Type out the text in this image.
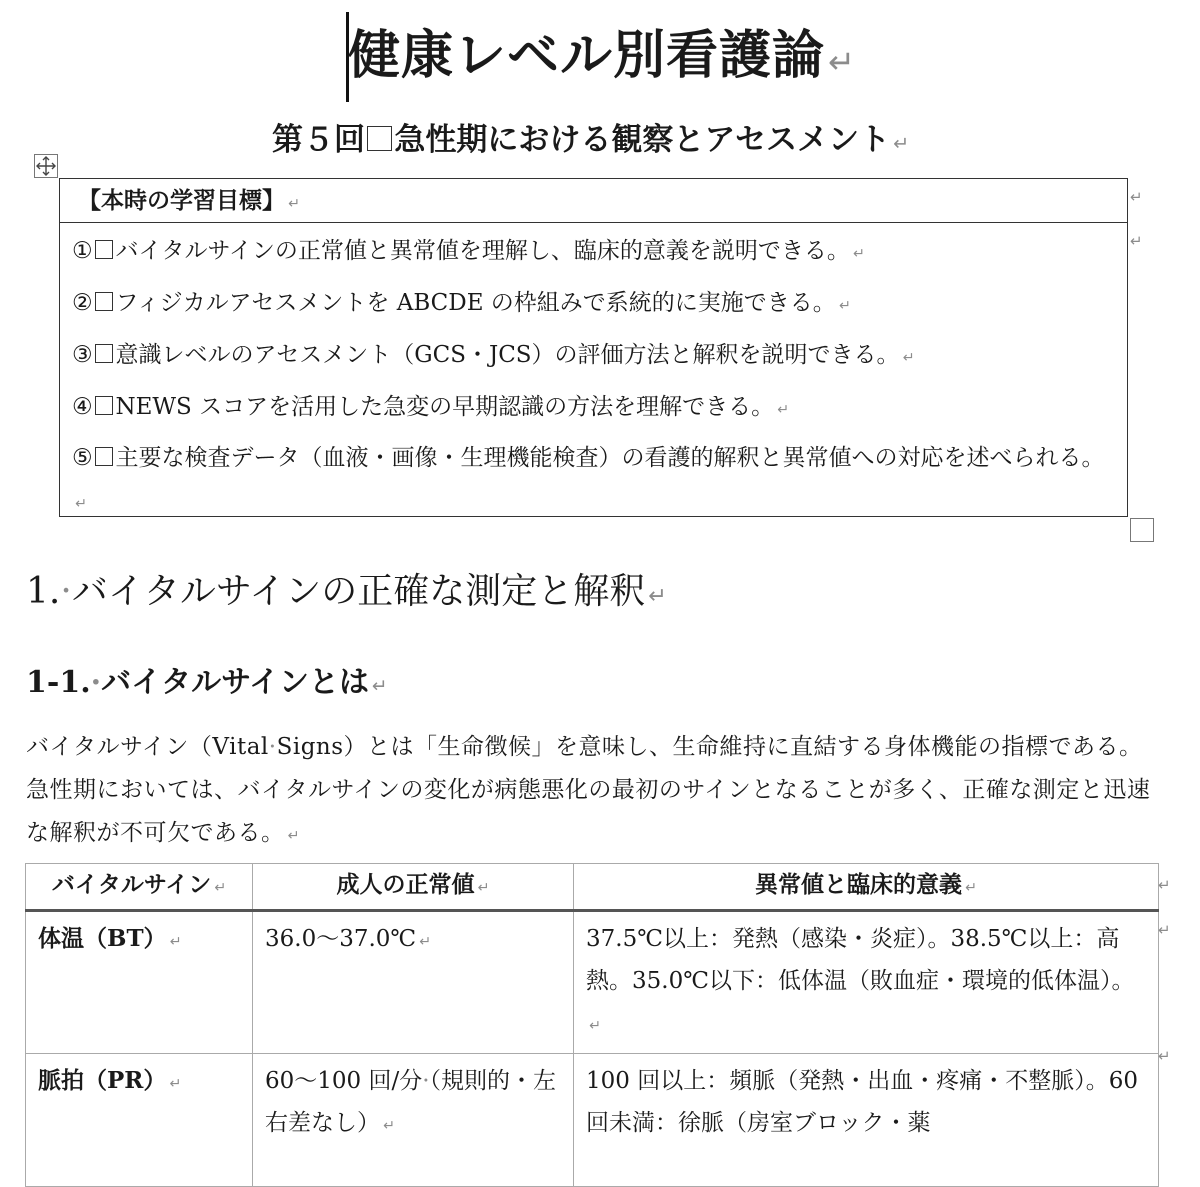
健康レベル別看護論↵
第５回 急性期における観察とアセスメント ↵
【本時の学習目標】 ↵
① バイタルサインの正常値と異常値を理解し、臨床的意義を説明できる。 ↵
② フィジカルアセスメントを ABCDE の枠組みで系統的に実施できる。 ↵
③ 意識レベルのアセスメント（GCS・JCS）の評価方法と解釈を説明できる。 ↵
④ NEWS スコアを活用した急変の早期認識の方法を理解できる。 ↵
⑤ 主要な検査データ（血液・画像・生理機能検査）の看護的解釈と異常値への対応を述べられる。↵
↵
↵
1.·バイタルサインの正確な測定と解釈 ↵
1-1.·バイタルサインとは ↵
バイタルサイン（Vital·Signs）とは「生命徴候」を意味し、生命維持に直結する身体機能の指標である。急性期においては、バイタルサインの変化が病態悪化の最初のサインとなることが多く、正確な測定と迅速な解釈が不可欠である。 ↵
バイタルサイン ↵	成人の正常値 ↵	異常値と臨床的意義 ↵
体温（BT） ↵	36.0～37.0℃ ↵	37.5℃以上：発熱（感染・炎症）。38.5℃以上：高熱。35.0℃以下：低体温（敗血症・環境的低体温）。↵
脈拍（PR） ↵	60～100 回/分·（規則的・左右差なし） ↵	100 回以上：頻脈（発熱・出血・疼痛・不整脈）。60 回未満：徐脈（房室ブロック・薬
↵
↵
↵
